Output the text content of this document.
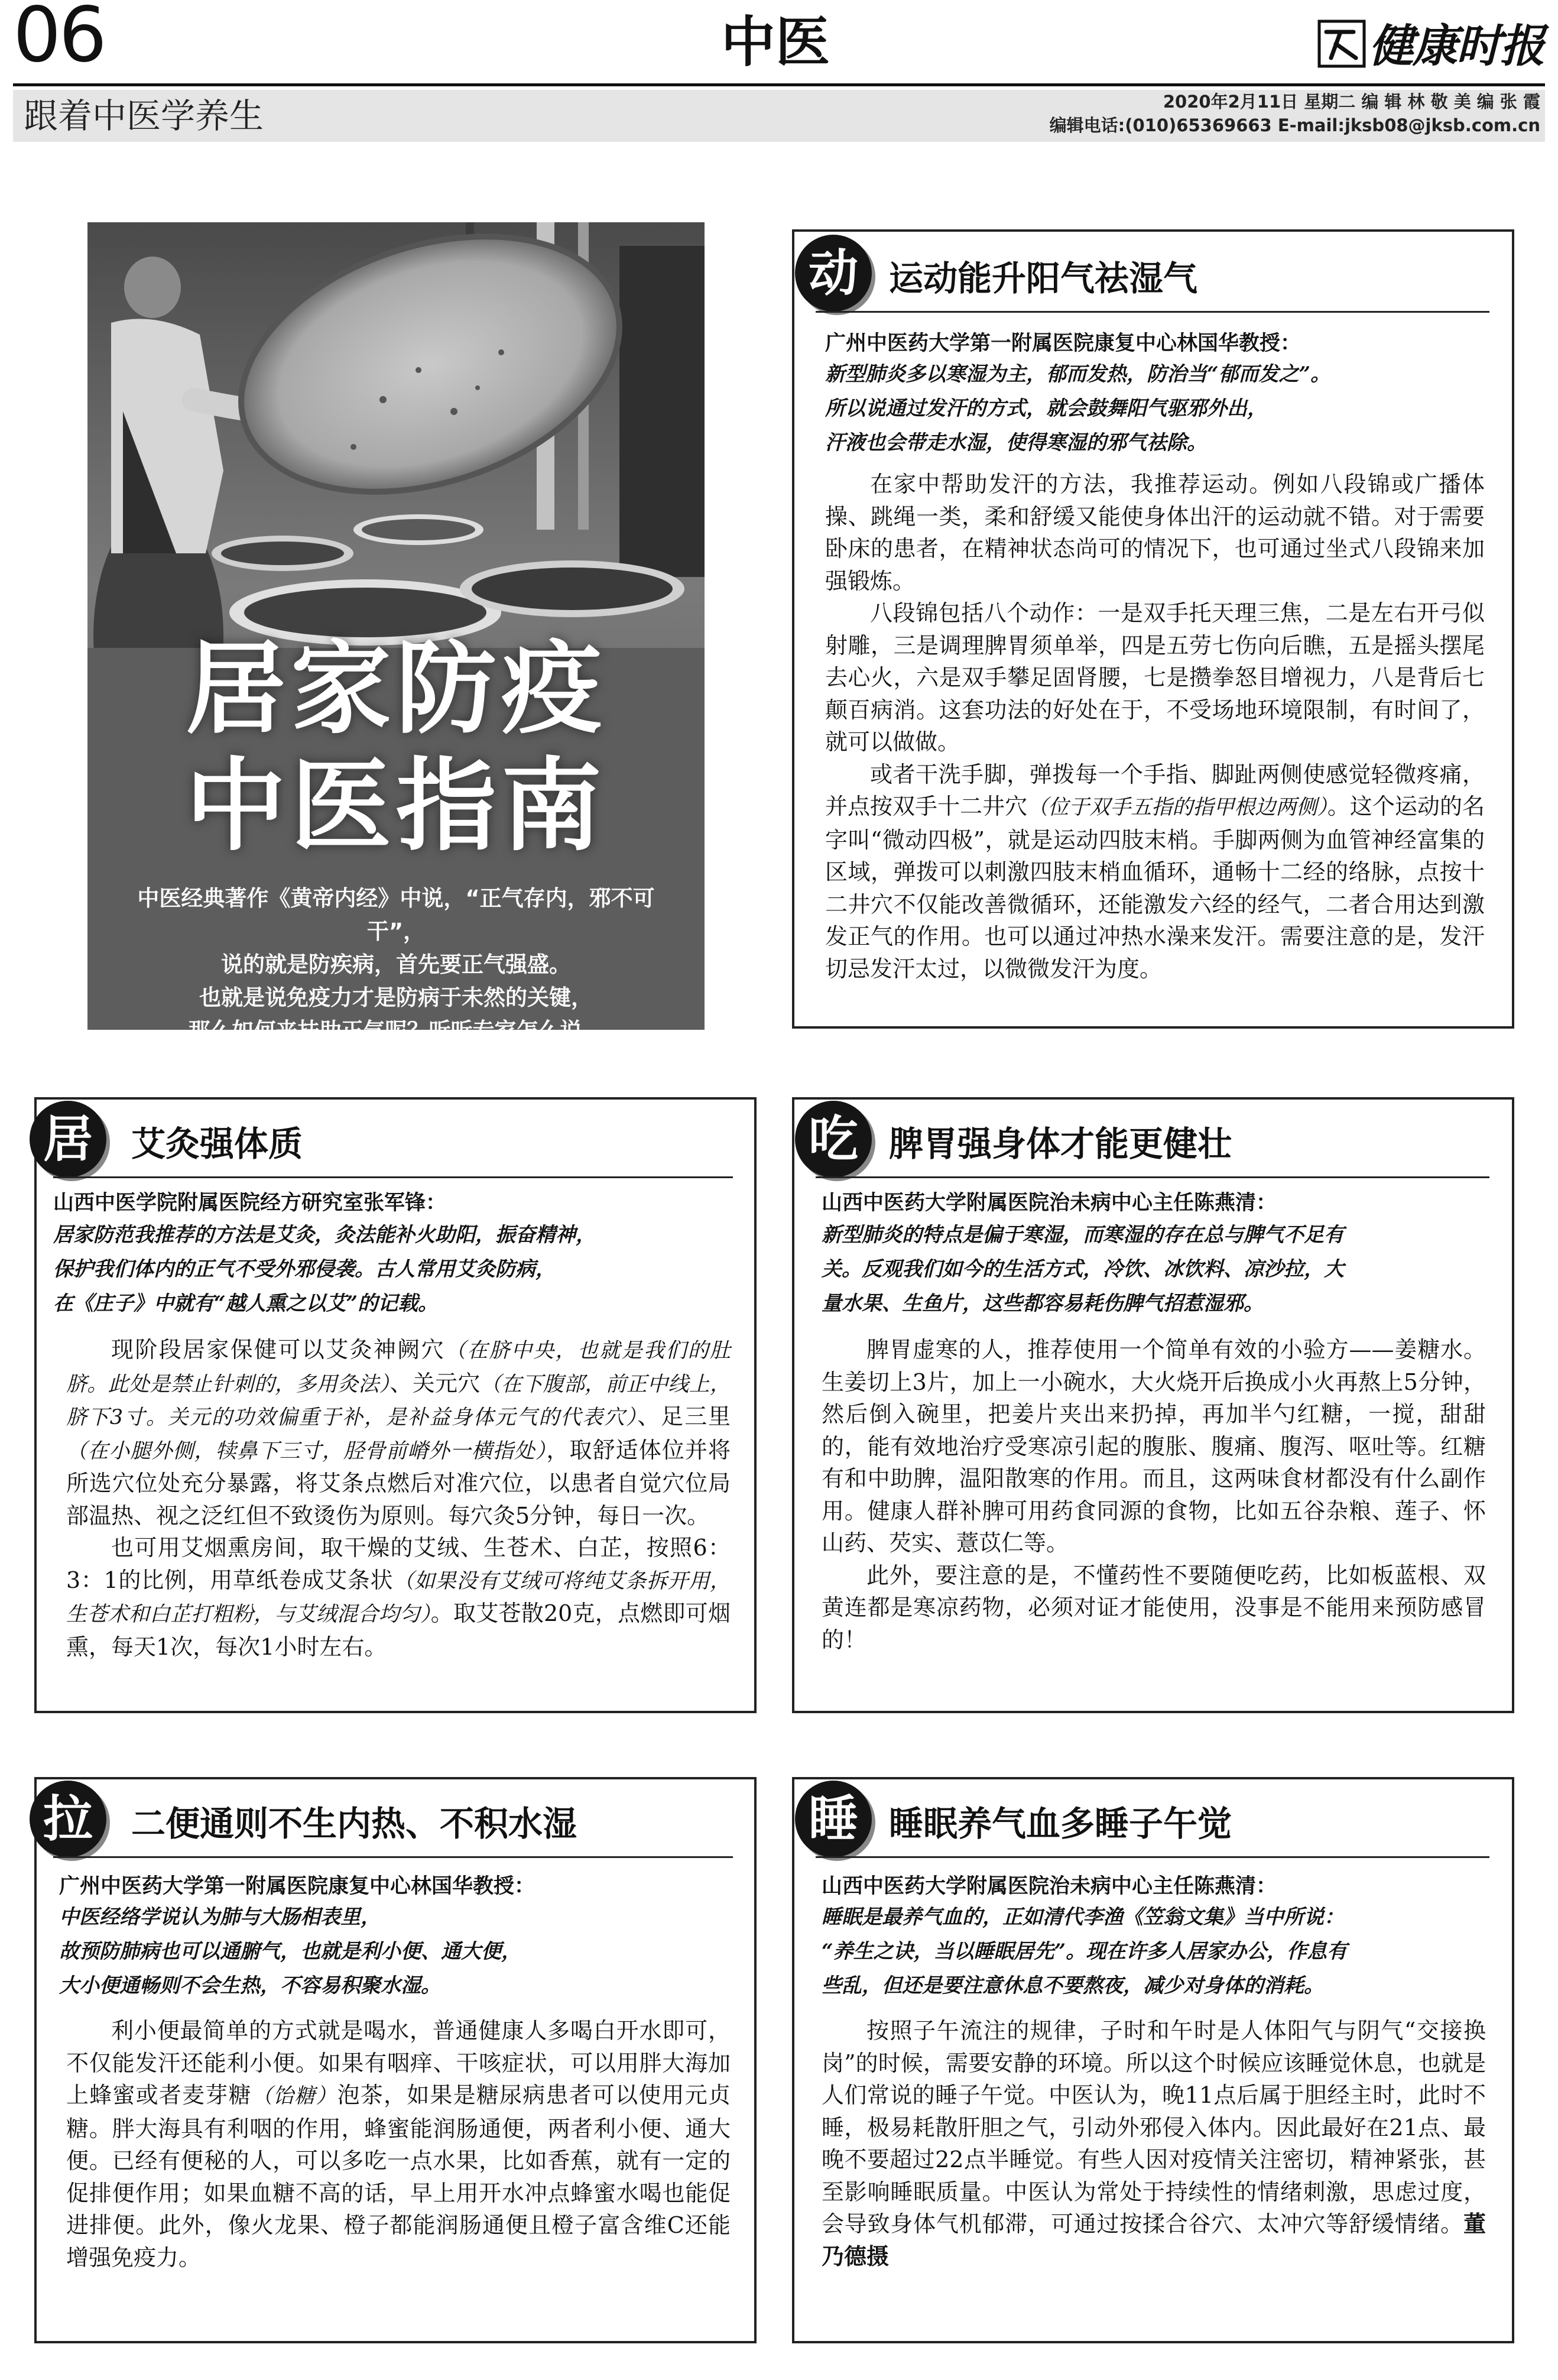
06	中医	健康时报
跟着中医学养生	2020年2月11日 星期二 编 辑 林 敬 美 编 张 霞
编辑电话:(010)65369663 E-mail:jksb08@jksb.com.cn
居家防疫
中医指南
中医经典著作《黄帝内经》中说，“正气存内，邪不可干”，
说的就是防疾病，首先要正气强盛。
也就是说免疫力才是防病于未然的关键，
那么如何来扶助正气呢？听听专家怎么说。
动 运动能升阳气祛湿气
广州中医药大学第一附属医院康复中心林国华教授：
新型肺炎多以寒湿为主，郁而发热，防治当“郁而发之”。
所以说通过发汗的方式，就会鼓舞阳气驱邪外出，
汗液也会带走水湿，使得寒湿的邪气祛除。

在家中帮助发汗的方法，我推荐运动。例如八段锦或广播体操、跳绳一类，柔和舒缓又能使身体出汗的运动就不错。对于需要卧床的患者，在精神状态尚可的情况下，也可通过坐式八段锦来加强锻炼。

八段锦包括八个动作：一是双手托天理三焦，二是左右开弓似射雕，三是调理脾胃须单举，四是五劳七伤向后瞧，五是摇头摆尾去心火，六是双手攀足固肾腰，七是攒拳怒目增视力，八是背后七颠百病消。这套功法的好处在于，不受场地环境限制，有时间了，就可以做做。

或者干洗手脚，弹拨每一个手指、脚趾两侧使感觉轻微疼痛，并点按双手十二井穴（位于双手五指的指甲根边两侧）。这个运动的名字叫“微动四极”，就是运动四肢末梢。手脚两侧为血管神经富集的区域，弹拨可以刺激四肢末梢血循环，通畅十二经的络脉，点按十二井穴不仅能改善微循环，还能激发六经的经气，二者合用达到激发正气的作用。也可以通过冲热水澡来发汗。需要注意的是，发汗切忌发汗太过，以微微发汗为度。

居	艾灸强体质
山西中医学院附属医院经方研究室张军锋：
居家防范我推荐的方法是艾灸，灸法能补火助阳，振奋精神，
保护我们体内的正气不受外邪侵袭。古人常用艾灸防病，
在《庄子》中就有“越人熏之以艾”的记载。

现阶段居家保健可以艾灸神阙穴（在脐中央，也就是我们的肚脐。此处是禁止针刺的，多用灸法）、关元穴（在下腹部，前正中线上，脐下3寸。关元的功效偏重于补，是补益身体元气的代表穴）、足三里（在小腿外侧，犊鼻下三寸，胫骨前嵴外一横指处），取舒适体位并将所选穴位处充分暴露，将艾条点燃后对准穴位，以患者自觉穴位局部温热、视之泛红但不致烫伤为原则。每穴灸5分钟，每日一次。

也可用艾烟熏房间，取干燥的艾绒、生苍术、白芷，按照6：3：1的比例，用草纸卷成艾条状（如果没有艾绒可将纯艾条拆开用，生苍术和白芷打粗粉，与艾绒混合均匀）。取艾苍散20克，点燃即可烟熏，每天1次，每次1小时左右。

吃 脾胃强身体才能更健壮
山西中医药大学附属医院治未病中心主任陈燕清：
新型肺炎的特点是偏于寒湿，而寒湿的存在总与脾气不足有
关。反观我们如今的生活方式，冷饮、冰饮料、凉沙拉，大
量水果、生鱼片，这些都容易耗伤脾气招惹湿邪。

脾胃虚寒的人，推荐使用一个简单有效的小验方——姜糖水。生姜切上3片，加上一小碗水，大火烧开后换成小火再熬上5分钟，然后倒入碗里，把姜片夹出来扔掉，再加半勺红糖，一搅，甜甜的，能有效地治疗受寒凉引起的腹胀、腹痛、腹泻、呕吐等。红糖有和中助脾，温阳散寒的作用。而且，这两味食材都没有什么副作用。健康人群补脾可用药食同源的食物，比如五谷杂粮、莲子、怀山药、芡实、薏苡仁等。

此外，要注意的是，不懂药性不要随便吃药，比如板蓝根、双黄连都是寒凉药物，必须对证才能使用，没事是不能用来预防感冒的！

拉	二便通则不生内热、不积水湿
广州中医药大学第一附属医院康复中心林国华教授：
中医经络学说认为肺与大肠相表里，
故预防肺病也可以通腑气，也就是利小便、通大便，
大小便通畅则不会生热，不容易积聚水湿。

利小便最简单的方式就是喝水，普通健康人多喝白开水即可，不仅能发汗还能利小便。如果有咽痒、干咳症状，可以用胖大海加上蜂蜜或者麦芽糖（饴糖）泡茶，如果是糖尿病患者可以使用元贞糖。胖大海具有利咽的作用，蜂蜜能润肠通便，两者利小便、通大便。已经有便秘的人，可以多吃一点水果，比如香蕉，就有一定的促排便作用；如果血糖不高的话，早上用开水冲点蜂蜜水喝也能促进排便。此外，像火龙果、橙子都能润肠通便且橙子富含维C还能增强免疫力。

睡 睡眠养气血多睡子午觉
山西中医药大学附属医院治未病中心主任陈燕清：
睡眠是最养气血的，正如清代李渔《笠翁文集》当中所说：
“养生之诀，当以睡眠居先”。现在许多人居家办公，作息有
些乱，但还是要注意休息不要熬夜，减少对身体的消耗。

按照子午流注的规律，子时和午时是人体阳气与阴气“交接换岗”的时候，需要安静的环境。所以这个时候应该睡觉休息，也就是人们常说的睡子午觉。中医认为，晚11点后属于胆经主时，此时不睡，极易耗散肝胆之气，引动外邪侵入体内。因此最好在21点、最晚不要超过22点半睡觉。有些人因对疫情关注密切，精神紧张，甚至影响睡眠质量。中医认为常处于持续性的情绪刺激，思虑过度，会导致身体气机郁滞，可通过按揉合谷穴、太冲穴等舒缓情绪。董乃德摄
